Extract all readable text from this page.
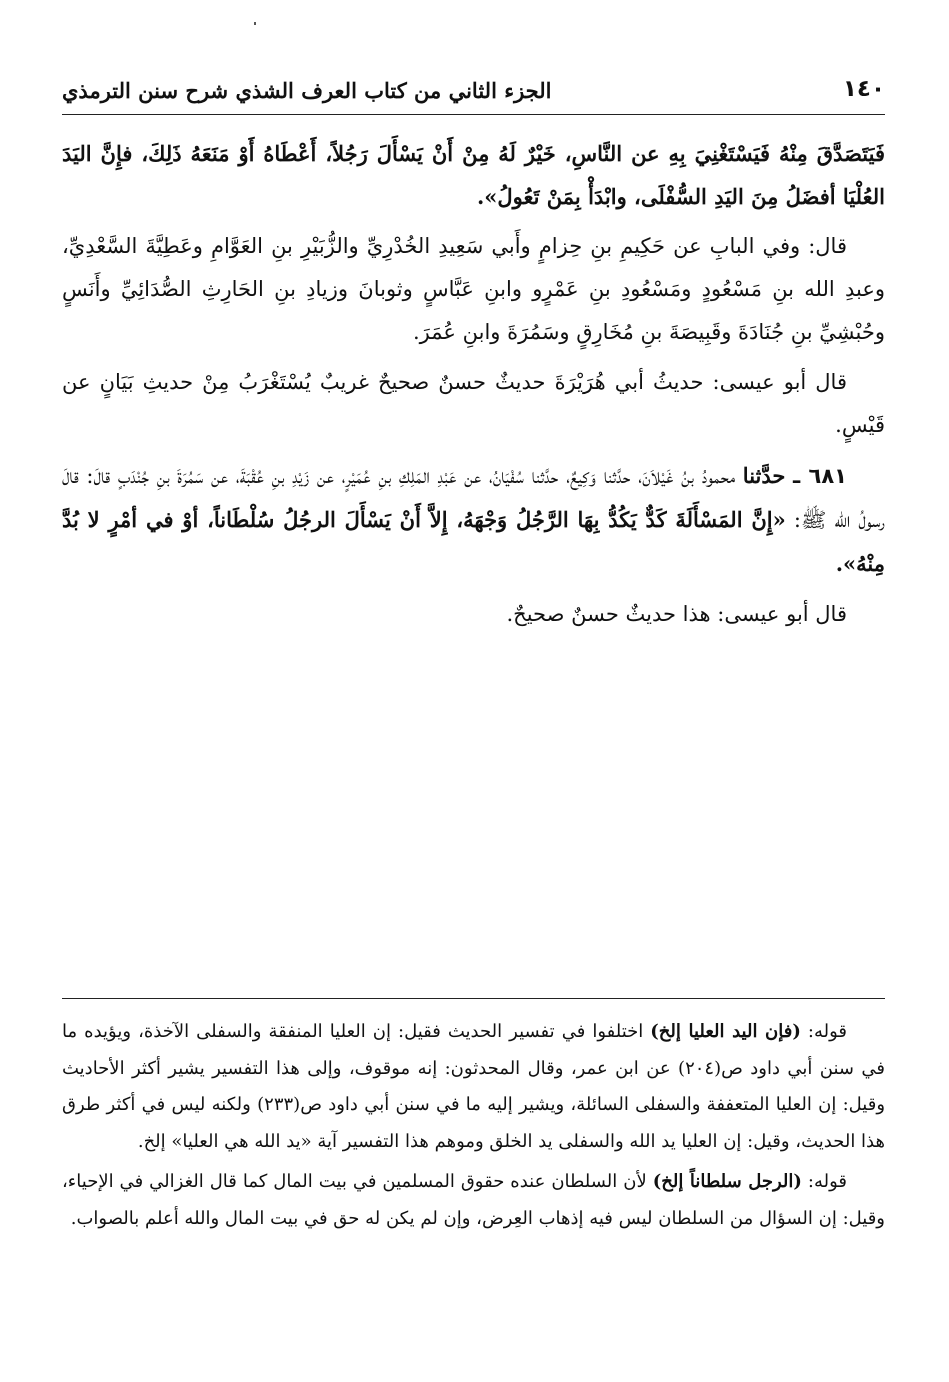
١٤٠
الجزء الثاني من كتاب العرف الشذي شرح سنن الترمذي

فَيَتَصَدَّقَ مِنْهُ فَيَسْتَغْنِيَ بِهِ عن النَّاسِ، خَيْرٌ لَهُ مِنْ أَنْ يَسْأَلَ رَجُلاً، أَعْطَاهُ أَوْ مَنَعَهُ ذَلِكَ، فإِنَّ اليَدَ العُلْيَا أفضَلُ مِنَ اليَدِ السُّفْلَى، وابْدَأْ بِمَنْ تَعُولُ».

قال: وفي البابِ عن حَكِيمِ بنِ حِزامٍ وأَبي سَعِيدِ الخُدْرِيِّ والزُّبَيْرِ بنِ العَوَّامِ وعَطِيَّةَ السَّعْدِيِّ، وعبدِ الله بنِ مَسْعُودٍ ومَسْعُودِ بنِ عَمْرٍو وابنِ عَبَّاسٍ وثوبانَ وزيادِ بنِ الحَارِثِ الصُّدَائِيِّ وأَنَسٍ وحُبْشِيِّ بنِ جُنَادَةَ وقَبِيصَةَ بنِ مُخَارِقٍ وسَمُرَةَ وابنِ عُمَرَ.

قال أبو عيسى: حديثُ أبي هُرَيْرَةَ حديثٌ حسنٌ صحيحٌ غريبٌ يُسْتَغْرَبُ مِنْ حديثِ بَيَانٍ عن قَيْسٍ.

٦٨١ ـ حدَّثنا محمودُ بنُ غَيْلاَنَ، حدَّثنا وَكِيعٌ، حدَّثنا سُفْيَانُ، عن عَبْدِ المَلِكِ بنِ عُمَيْرٍ، عن زَيْدِ بنِ عُقْبَةَ، عن سَمُرَةَ بنِ جُنْدَبٍ قالَ: قالَ رسولُ الله ﷺ: «إِنَّ المَسْأَلَةَ كَدٌّ يَكُدُّ بِهَا الرَّجُلُ وَجْهَهُ، إِلاَّ أَنْ يَسْأَلَ الرجُلُ سُلْطَاناً، أوْ في أمْرٍ لا بُدَّ مِنْهُ».

قال أبو عيسى: هذا حديثٌ حسنٌ صحيحٌ.

قوله: (فإن اليد العليا إلخ) اختلفوا في تفسير الحديث فقيل: إن العليا المنفقة والسفلى الآخذة، ويؤيده ما في سنن أبي داود ص(٢٠٤) عن ابن عمر، وقال المحدثون: إنه موقوف، وإلى هذا التفسير يشير أكثر الأحاديث وقيل: إن العليا المتعففة والسفلى السائلة، ويشير إليه ما في سنن أبي داود ص(٢٣٣) ولكنه ليس في أكثر طرق هذا الحديث، وقيل: إن العليا يد الله والسفلى يد الخلق وموهم هذا التفسير آية «يد الله هي العليا» إلخ.

قوله: (الرجل سلطاناً إلخ) لأن السلطان عنده حقوق المسلمين في بيت المال كما قال الغزالي في الإحياء، وقيل: إن السؤال من السلطان ليس فيه إذهاب العِرض، وإن لم يكن له حق في بيت المال والله أعلم بالصواب.
